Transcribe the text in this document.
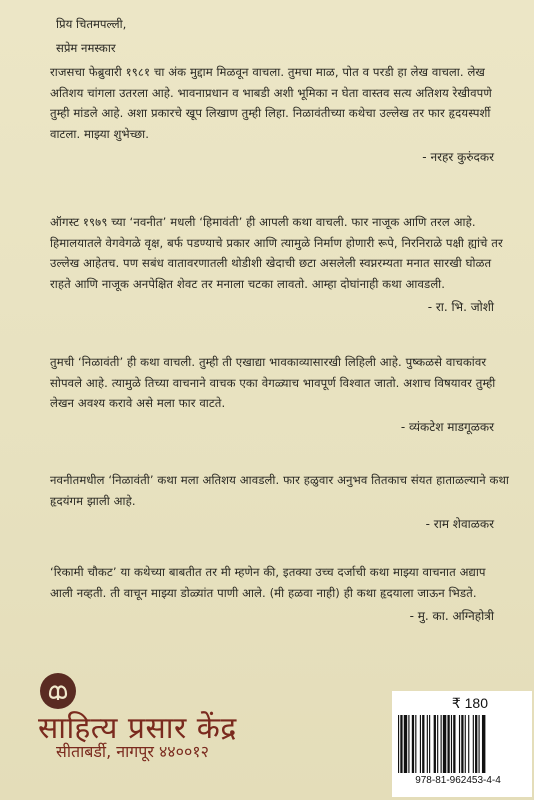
प्रिय चितमपल्ली,

सप्रेम नमस्कार

राजसचा फेब्रुवारी १९८१ चा अंक मुद्दाम मिळवून वाचला. तुमचा माळ, पोत व परडी हा लेख वाचला. लेख अतिशय चांगला उतरला आहे. भावनाप्रधान व भाबडी अशी भूमिका न घेता वास्तव सत्य अतिशय रेखीवपणे तुम्ही मांडले आहे. अशा प्रकारचे खूप लिखाण तुम्ही लिहा. निळावंतीच्या कथेचा उल्लेख तर फार हृदयस्पर्शी वाटला. माझ्या शुभेच्छा.

- नरहर कुरुंदकर

ऑगस्ट १९७९ च्या ‘नवनीत’ मधली ‘हिमावंती’ ही आपली कथा वाचली. फार नाजूक आणि तरल आहे. हिमालयातले वेगवेगळे वृक्ष, बर्फ पडण्याचे प्रकार आणि त्यामुळे निर्माण होणारी रूपे, निरनिराळे पक्षी ह्यांचे तर उल्लेख आहेतच. पण सबंध वातावरणातली थोडीशी खेदाची छटा असलेली स्वप्नरम्यता मनात सारखी घोळत राहते आणि नाजूक अनपेक्षित शेवट तर मनाला चटका लावतो. आम्हा दोघांनाही कथा आवडली.

- रा. भि. जोशी

तुमची ‘निळावंती’ ही कथा वाचली. तुम्ही ती एखाद्या भावकाव्यासारखी लिहिली आहे. पुष्कळसे वाचकांवर सोपवले आहे. त्यामुळे तिच्या वाचनाने वाचक एका वेगळ्याच भावपूर्ण विश्वात जातो. अशाच विषयावर तुम्ही लेखन अवश्य करावे असे मला फार वाटते.

- व्यंकटेश माडगूळकर

नवनीतमधील ‘निळावंती’ कथा मला अतिशय आवडली. फार हळुवार अनुभव तितकाच संयत हाताळल्याने कथा हृदयंगम झाली आहे.

- राम शेवाळकर

‘रिकामी चौकट’ या कथेच्या बाबतीत तर मी म्हणेन की, इतक्या उच्च दर्जाची कथा माझ्या वाचनात अद्याप आली नव्हती. ती वाचून माझ्या डोळ्यांत पाणी आले. (मी हळवा नाही) ही कथा हृदयाला जाऊन भिडते.

- मु. का. अग्निहोत्री

साहित्य प्रसार केंद्र
सीताबर्डी, नागपूर ४४००१२
₹ 180
978-81-962453-4-4
